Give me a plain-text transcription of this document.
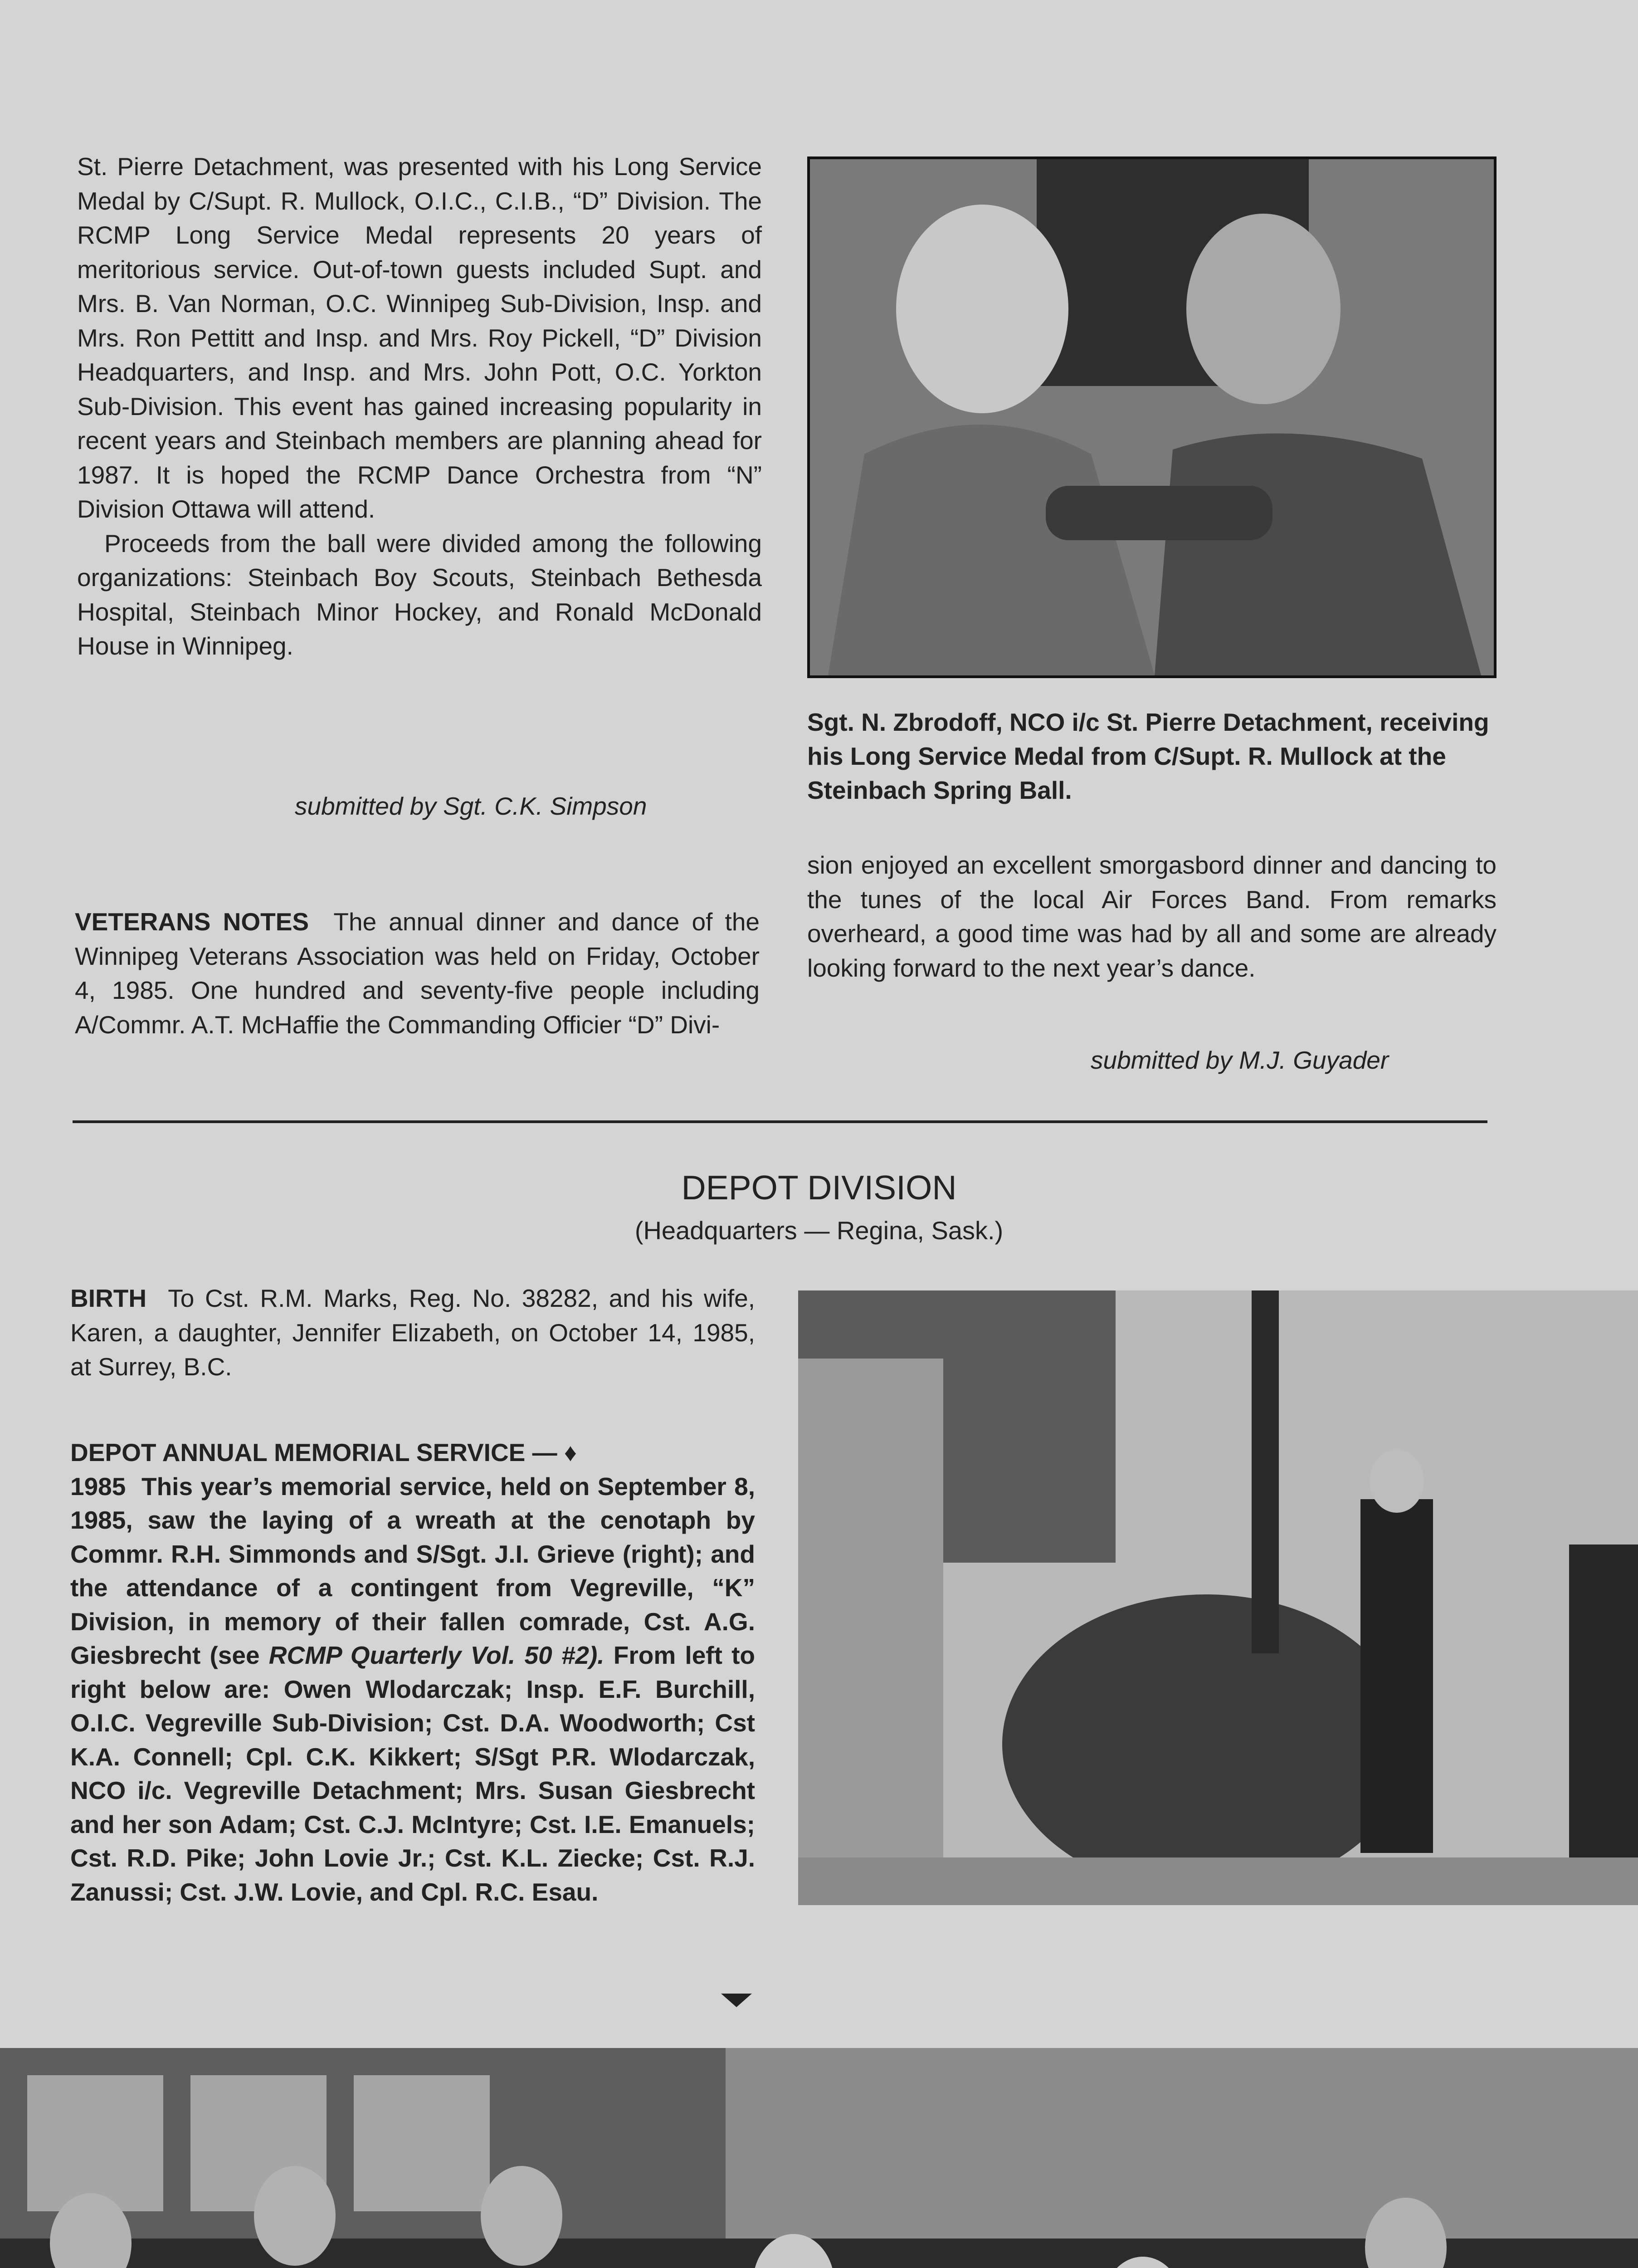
St. Pierre Detachment, was presented with his Long Service Medal by C/Supt. R. Mullock, O.I.C., C.I.B., “D” Division. The RCMP Long Service Medal represents 20 years of meritorious service. Out-of-town guests included Supt. and Mrs. B. Van Norman, O.C. Winnipeg Sub-Division, Insp. and Mrs. Ron Pettitt and Insp. and Mrs. Roy Pickell, “D” Division Headquarters, and Insp. and Mrs. John Pott, O.C. Yorkton Sub-Division. This event has gained increasing popularity in recent years and Steinbach members are planning ahead for 1987. It is hoped the RCMP Dance Orchestra from “N” Division Ottawa will attend.

Proceeds from the ball were divided among the following organizations: Steinbach Boy Scouts, Steinbach Bethesda Hospital, Steinbach Minor Hockey, and Ronald McDonald House in Winnipeg.

submitted by Sgt. C.K. Simpson

Sgt. N. Zbrodoff, NCO i/c St. Pierre Detachment, receiving his Long Service Medal from C/Supt. R. Mullock at the Steinbach Spring Ball.

sion enjoyed an excellent smorgasbord dinner and dancing to the tunes of the local Air Forces Band. From remarks overheard, a good time was had by all and some are already looking forward to the next year’s dance.

submitted by M.J. Guyader

VETERANS NOTES The annual dinner and dance of the Winnipeg Veterans Association was held on Friday, October 4, 1985. One hundred and seventy-five people including A/Commr. A.T. McHaffie the Commanding Officier “D” Divi-

DEPOT DIVISION

(Headquarters — Regina, Sask.)

BIRTH To Cst. R.M. Marks, Reg. No. 38282, and his wife, Karen, a daughter, Jennifer Elizabeth, on October 14, 1985, at Surrey, B.C.
DEPOT ANNUAL MEMORIAL SERVICE — ♦
1985 This year’s memorial service, held on September 8, 1985, saw the laying of a wreath at the cenotaph by Commr. R.H. Simmonds and S/Sgt. J.I. Grieve (right); and the attendance of a contingent from Vegreville, “K” Division, in memory of their fallen comrade, Cst. A.G. Giesbrecht (see RCMP Quarterly Vol. 50 #2). From left to right below are: Owen Wlodarczak; Insp. E.F. Burchill, O.I.C. Vegreville Sub-Division; Cst. D.A. Woodworth; Cst K.A. Connell; Cpl. C.K. Kikkert; S/Sgt P.R. Wlodarczak, NCO i/c. Vegreville Detachment; Mrs. Susan Giesbrecht and her son Adam; Cst. C.J. McIntyre; Cst. I.E. Emanuels; Cst. R.D. Pike; John Lovie Jr.; Cst. K.L. Ziecke; Cst. R.J. Zanussi; Cst. J.W. Lovie, and Cpl. R.C. Esau.
